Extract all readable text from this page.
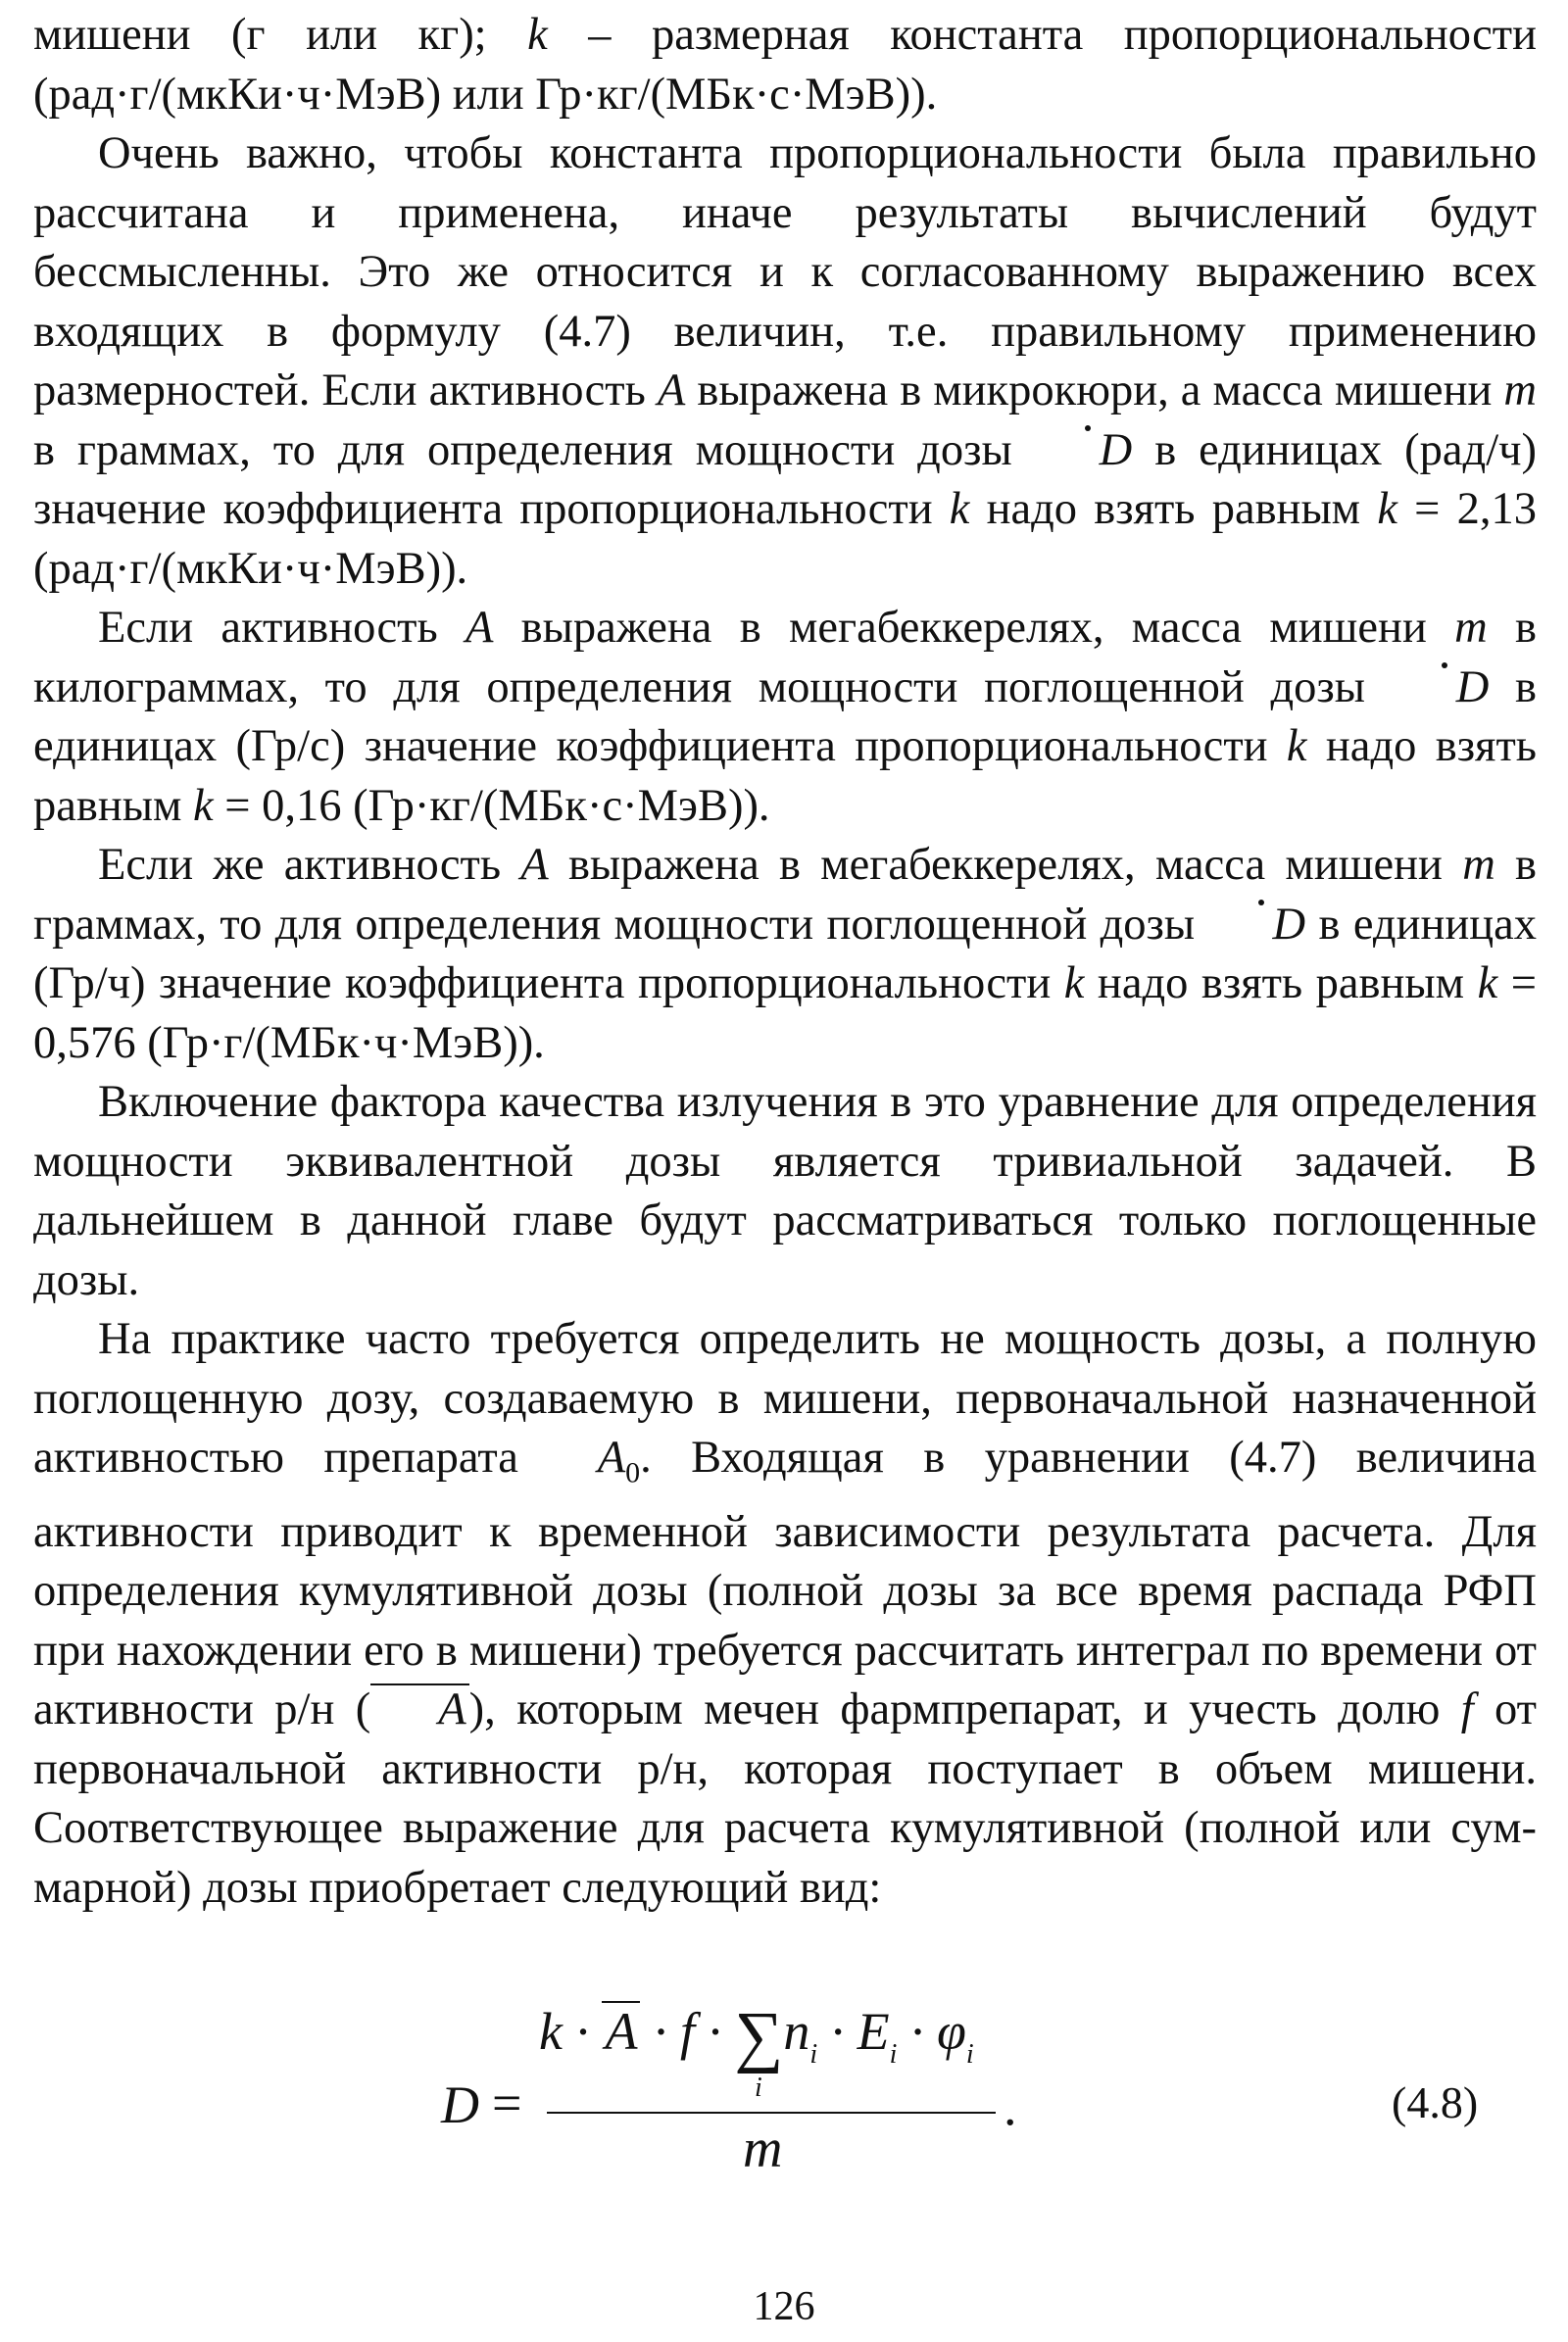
мишени (г или кг); k – размерная константа пропорциональности (рад·г/(мкКи·ч·МэВ) или Гр·кг/(МБк·с·МэВ)).

Очень важно, чтобы константа пропорциональности была правильно рассчитана и применена, иначе результаты вычислений будут бессмысленны. Это же относится и к согласованному выражению всех входящих в формулу (4.7) величин, т.е. правильному применению размерностей. Если активность A выражена в микрокюри, а масса мишени m в граммах, то для определения мощности дозы D в единицах (рад/ч) значение коэффициента пропорциональности k надо взять равным k = 2,13 (рад·г/(мкКи·ч·МэВ)).

Если активность A выражена в мегабеккерелях, масса мишени m в килограммах, то для определения мощности поглощенной дозы D в единицах (Гр/с) значение коэффициента пропорциональности k надо взять равным k = 0,16 (Гр·кг/(МБк·с·МэВ)).

Если же активность A выражена в мегабеккерелях, масса мишени m в граммах, то для определения мощности поглощенной дозы D в единицах (Гр/ч) значение коэффициента пропорциональности k надо взять равным k = 0,576 (Гр·г/(МБк·ч·МэВ)).

Включение фактора качества излучения в это уравнение для определения мощности эквивалентной дозы является тривиальной задачей. В дальнейшем в данной главе будут рассматриваться только поглощенные дозы.

На практике часто требуется определить не мощность дозы, а полную поглощенную дозу, создаваемую в мишени, первоначальной назначенной активностью препарата  $A_0$. Входящая в уравнении (4.7) величина активности приводит к временной зависимости результата расчета. Для определения кумулятивной дозы (полной дозы за все время распада РФП при нахождении его в мишени) требуется рассчитать интеграл по времени от активности р/н ( A), которым мечен фармпрепарат, и учесть долю f от первоначальной активности р/н, которая поступает в объем мишени. Соответствующее выражение для расчета кумулятивной (полной или суммарной) дозы приобретает следующий вид:

D =
$k \cdot A \cdot f \cdot \sum n_i \cdot E_i \cdot \varphi_i$
i	.
m
(4.8)
126
